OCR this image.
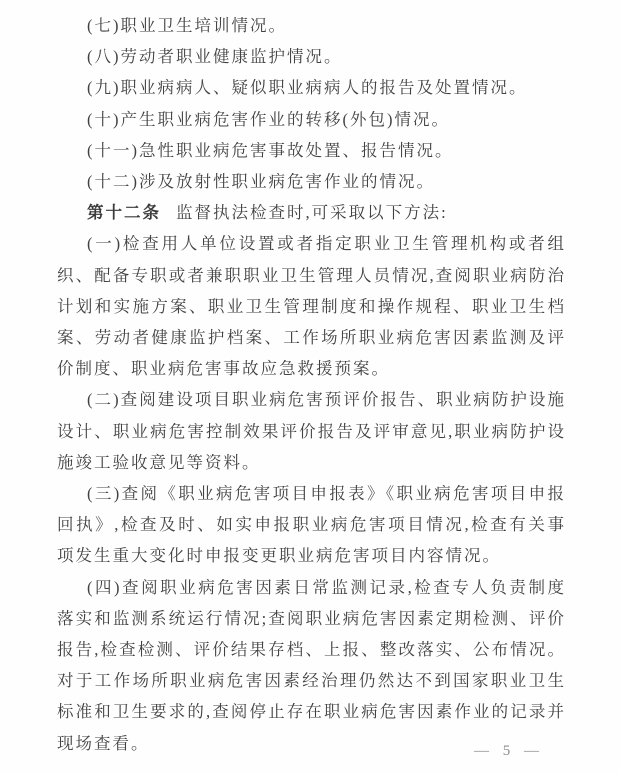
(七)职业卫生培训情况。

(八)劳动者职业健康监护情况。

(九)职业病病人、疑似职业病病人的报告及处置情况。

(十)产生职业病危害作业的转移(外包)情况。

(十一)急性职业病危害事故处置、报告情况。

(十二)涉及放射性职业病危害作业的情况。

第十二条 监督执法检查时,可采取以下方法:

(一)检查用人单位设置或者指定职业卫生管理机构或者组织、配备专职或者兼职职业卫生管理人员情况,查阅职业病防治计划和实施方案、职业卫生管理制度和操作规程、职业卫生档案、劳动者健康监护档案、工作场所职业病危害因素监测及评价制度、职业病危害事故应急救援预案。

(二)查阅建设项目职业病危害预评价报告、职业病防护设施设计、职业病危害控制效果评价报告及评审意见,职业病防护设施竣工验收意见等资料。

(三)查阅《职业病危害项目申报表》《职业病危害项目申报回执》,检查及时、如实申报职业病危害项目情况,检查有关事项发生重大变化时申报变更职业病危害项目内容情况。

(四)查阅职业病危害因素日常监测记录,检查专人负责制度落实和监测系统运行情况;查阅职业病危害因素定期检测、评价报告,检查检测、评价结果存档、上报、整改落实、公布情况。对于工作场所职业病危害因素经治理仍然达不到国家职业卫生标准和卫生要求的,查阅停止存在职业病危害因素作业的记录并现场查看。	— 5 —
